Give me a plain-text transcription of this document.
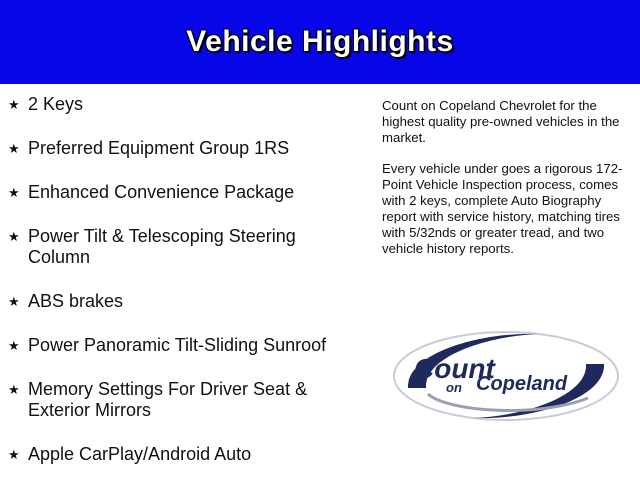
Vehicle Highlights
★ 2 Keys
★ Preferred Equipment Group 1RS
★ Enhanced Convenience Package
★ Power Tilt & Telescoping Steering Column
★ ABS brakes
★ Power Panoramic Tilt-Sliding Sunroof
★ Memory Settings For Driver Seat & Exterior Mirrors
★ Apple CarPlay/Android Auto

Count on Copeland Chevrolet for the highest quality pre-owned vehicles in the market.

Every vehicle under goes a rigorous 172-Point Vehicle Inspection process, comes with 2 keys, complete Auto Biography report with service history, matching tires with 5/32nds or greater tread, and two vehicle history reports.

Count
on Copeland !
